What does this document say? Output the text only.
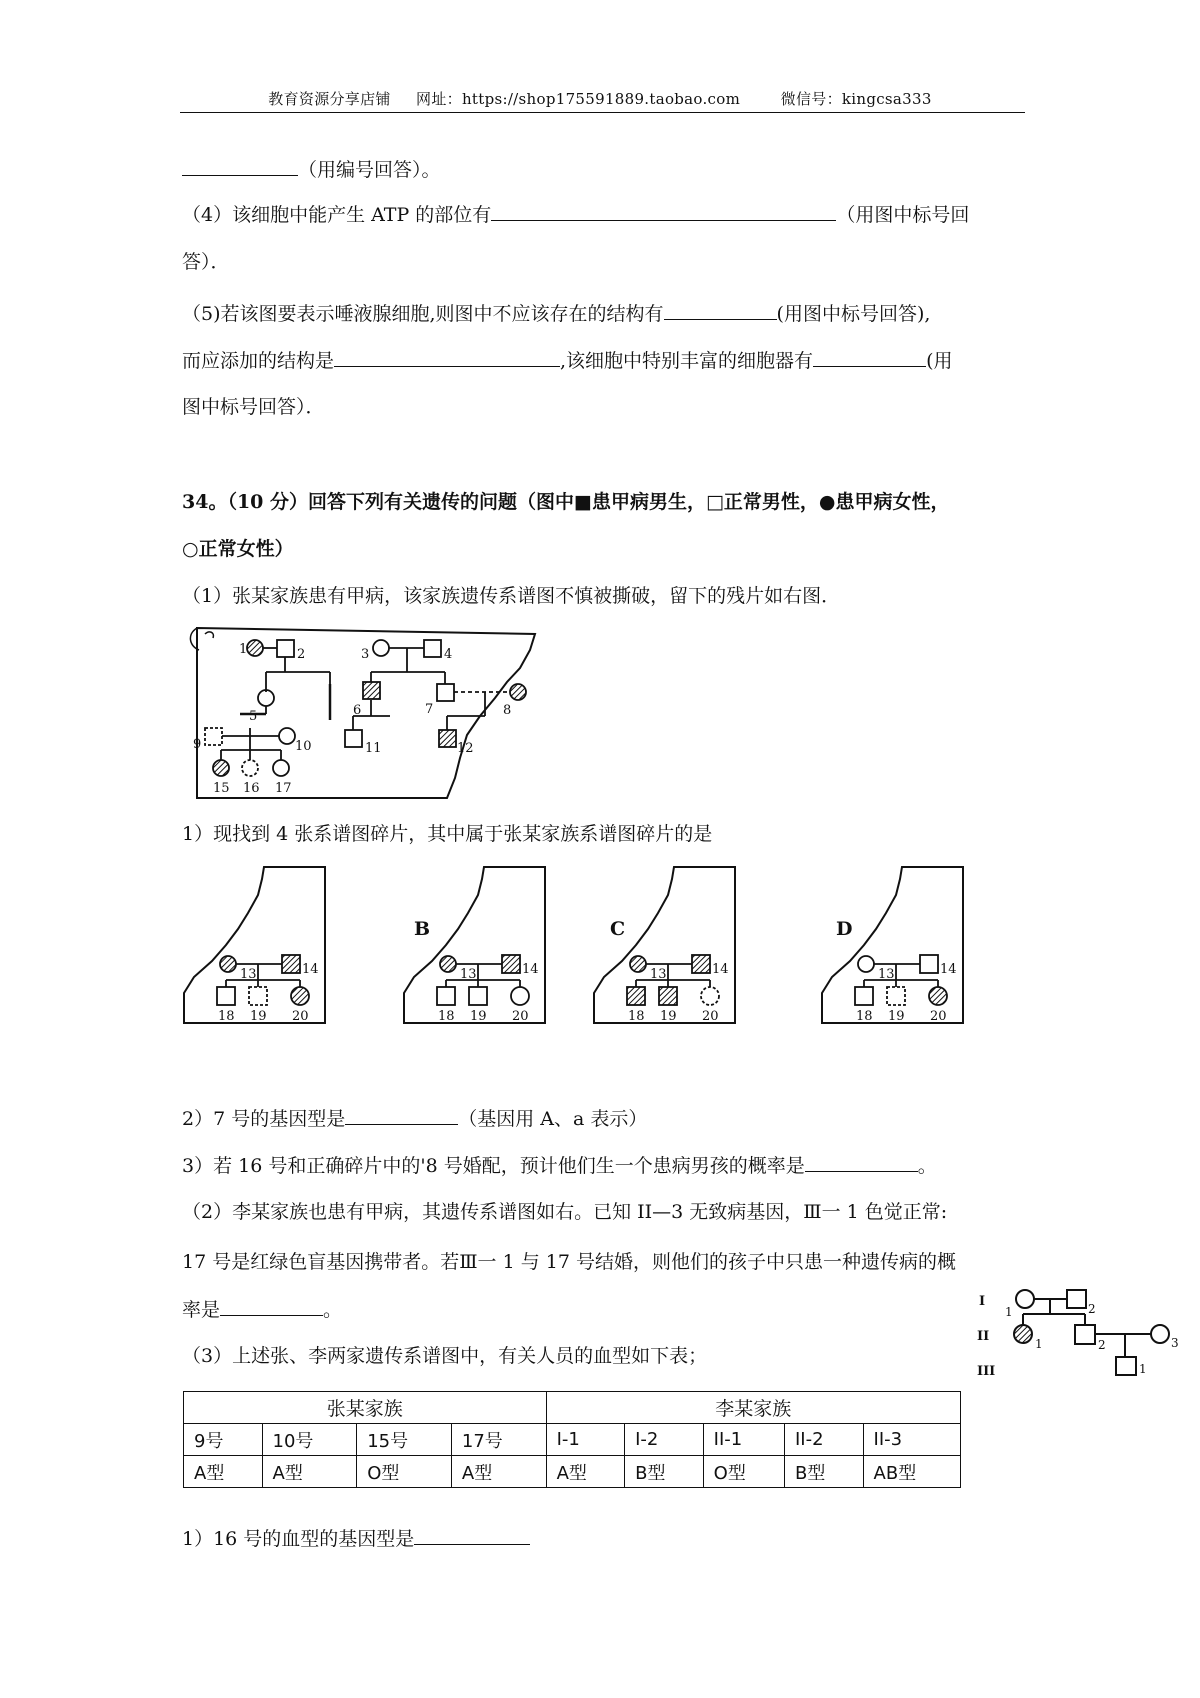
教育资源分享店铺 网址：https://shop175591889.taobao.com	微信号：kingcsa333
（用编号回答）。
（4）该细胞中能产生 ATP 的部位有	（用图中标号回
答）．
（5)若该图要表示唾液腺细胞,则图中不应该存在的结构有	(用图中标号回答),
而应添加的结构是	,该细胞中特别丰富的细胞器有	(用
图中标号回答）．
34。（10 分）回答下列有关遗传的问题（图中■患甲病男生，□正常男性，●患甲病女性，
○正常女性）
（1）张某家族患有甲病，该家族遗传系谱图不慎被撕破，留下的残片如右图．
1	2	3	4
5	6	7	8
9	10	11	12
15 16 17
1）现找到 4 张系谱图碎片，其中属于张某家族系谱图碎片的是
13	14
18 19 20
B
13	14
18 19 20
C
13	14
18 19 20
D
13	14
18 19 20
2）7 号的基因型是	（基因用 A、a 表示）
3）若 16 号和正确碎片中的'8 号婚配，预计他们生一个患病男孩的概率是	。
（2）李某家族也患有甲病，其遗传系谱图如右。已知 II—3 无致病基因，Ⅲ一 1 色觉正常:
17 号是红绿色盲基因携带者。若Ⅲ一 1 与 17 号结婚，则他们的孩子中只患一种遗传病的概
率是	。	I
II
III
1	2
1	2	3
1
（3）上述张、李两家遗传系谱图中，有关人员的血型如下表；
张某家族				李某家族				
9号	10号	15号	17号	I-1	I-2	II-1	II-2	II-3
A型	A型	O型	A型	A型	B型	O型	B型	AB型
1）16 号的血型的基因型是
